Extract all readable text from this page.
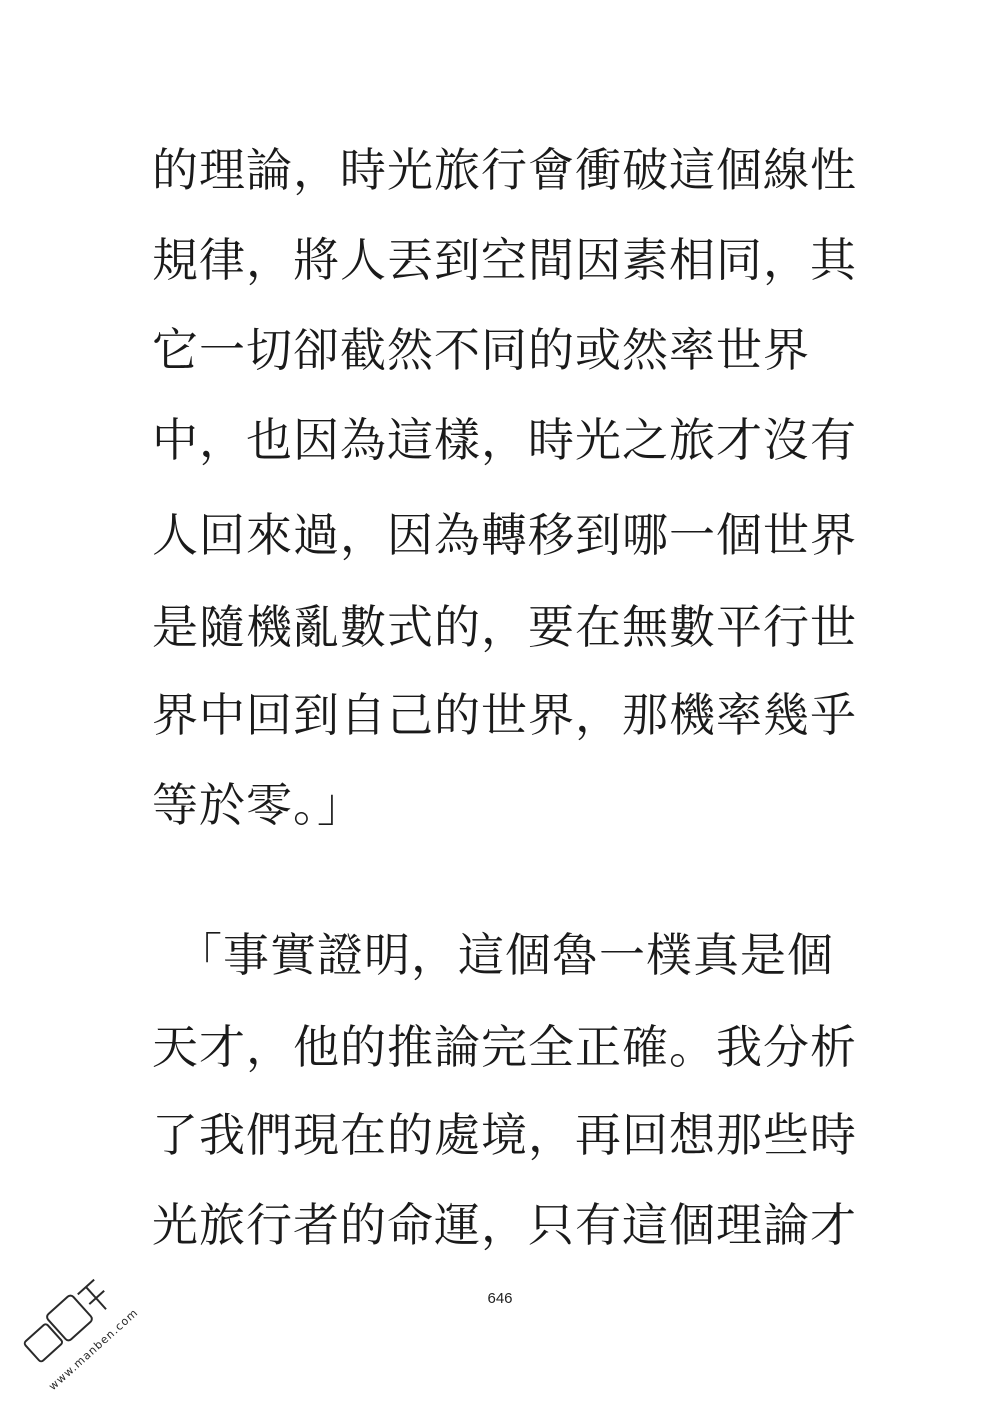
的理論，時光旅行會衝破這個線性
規律，將人丟到空間因素相同，其
它一切卻截然不同的或然率世界
中，也因為這樣，時光之旅才沒有
人回來過，因為轉移到哪一個世界
是隨機亂數式的，要在無數平行世
界中回到自己的世界，那機率幾乎
等於零。」
「事實證明，這個魯一樸真是個
天才，他的推論完全正確。我分析
了我們現在的處境，再回想那些時
光旅行者的命運，只有這個理論才
646
www.manben.com
